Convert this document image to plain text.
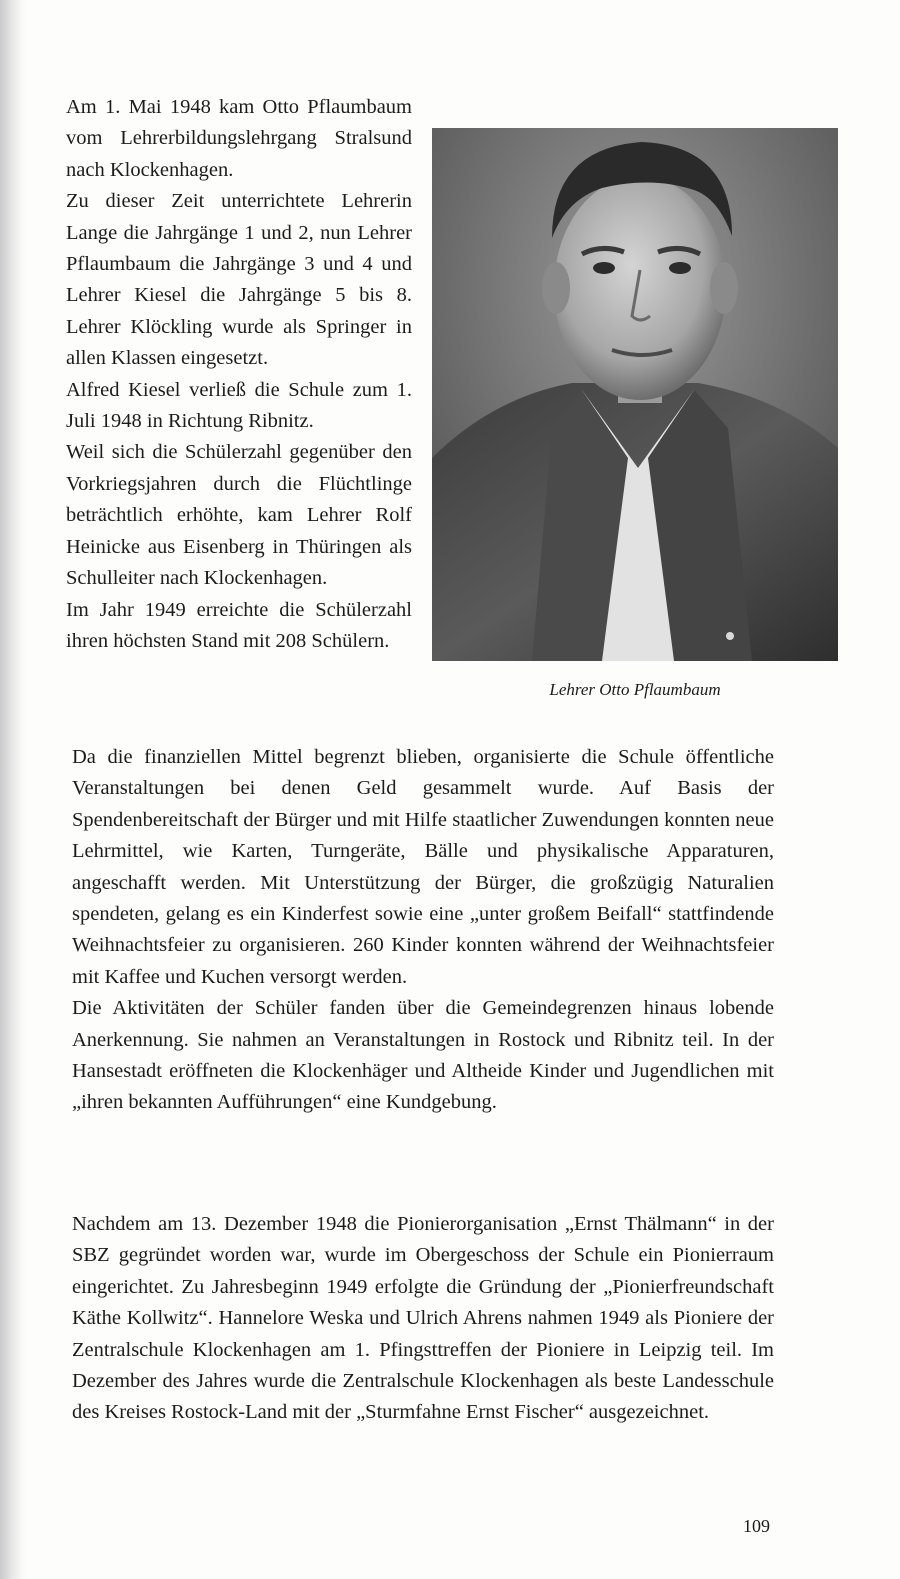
Am 1. Mai 1948 kam Otto Pflaumbaum vom Lehrerbildungslehrgang Stralsund nach Klockenhagen.

Zu dieser Zeit unterrichtete Lehrerin Lange die Jahrgänge 1 und 2, nun Lehrer Pflaumbaum die Jahrgänge 3 und 4 und Lehrer Kiesel die Jahrgänge 5 bis 8. Lehrer Klöckling wurde als Springer in allen Klassen eingesetzt.

Alfred Kiesel verließ die Schule zum 1. Juli 1948 in Richtung Ribnitz.

Weil sich die Schülerzahl gegenüber den Vorkriegsjahren durch die Flüchtlinge beträchtlich erhöhte, kam Lehrer Rolf Heinicke aus Eisenberg in Thüringen als Schulleiter nach Klockenhagen.

Im Jahr 1949 erreichte die Schülerzahl ihren höchsten Stand mit 208 Schülern.

Lehrer Otto Pflaumbaum

Da die finanziellen Mittel begrenzt blieben, organisierte die Schule öffentliche Veranstaltungen bei denen Geld gesammelt wurde. Auf Basis der Spendenbereitschaft der Bürger und mit Hilfe staatlicher Zuwendungen konnten neue Lehrmittel, wie Karten, Turngeräte, Bälle und physikalische Apparaturen, angeschafft werden. Mit Unterstützung der Bürger, die großzügig Naturalien spendeten, gelang es ein Kinderfest sowie eine „unter großem Beifall“ stattfindende Weihnachtsfeier zu organisieren. 260 Kinder konnten während der Weihnachtsfeier mit Kaffee und Kuchen versorgt werden.

Die Aktivitäten der Schüler fanden über die Gemeindegrenzen hinaus lobende Anerkennung. Sie nahmen an Veranstaltungen in Rostock und Ribnitz teil. In der Hansestadt eröffneten die Klockenhäger und Altheide Kinder und Jugendlichen mit „ihren bekannten Aufführungen“ eine Kundgebung.

Nachdem am 13. Dezember 1948 die Pionierorganisation „Ernst Thälmann“ in der SBZ gegründet worden war, wurde im Obergeschoss der Schule ein Pionierraum eingerichtet. Zu Jahresbeginn 1949 erfolgte die Gründung der „Pionierfreundschaft Käthe Kollwitz“. Hannelore Weska und Ulrich Ahrens nahmen 1949 als Pioniere der Zentralschule Klockenhagen am 1. Pfingsttreffen der Pioniere in Leipzig teil. Im Dezember des Jahres wurde die Zentralschule Klockenhagen als beste Landesschule des Kreises Rostock-Land mit der „Sturmfahne Ernst Fischer“ ausgezeichnet.

109
